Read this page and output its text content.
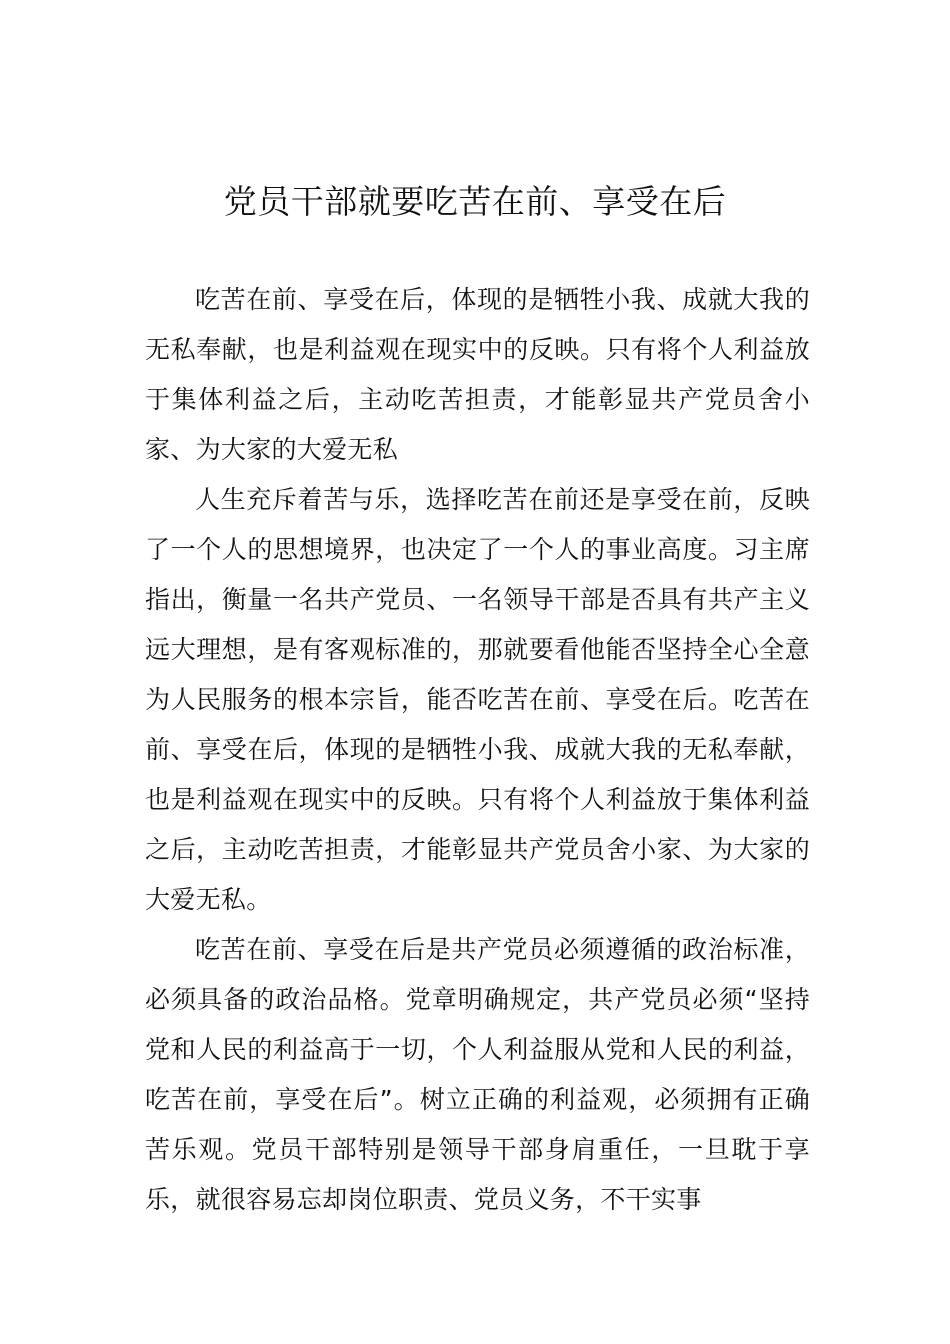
党员干部就要吃苦在前、享受在后

吃苦在前、享受在后，体现的是牺牲小我、成就大我的无私奉献，也是利益观在现实中的反映。只有将个人利益放于集体利益之后，主动吃苦担责，才能彰显共产党员舍小家、为大家的大爱无私

人生充斥着苦与乐，选择吃苦在前还是享受在前，反映了一个人的思想境界，也决定了一个人的事业高度。习主席指出，衡量一名共产党员、一名领导干部是否具有共产主义远大理想，是有客观标准的，那就要看他能否坚持全心全意为人民服务的根本宗旨，能否吃苦在前、享受在后。吃苦在前、享受在后，体现的是牺牲小我、成就大我的无私奉献，也是利益观在现实中的反映。只有将个人利益放于集体利益之后，主动吃苦担责，才能彰显共产党员舍小家、为大家的大爱无私。

吃苦在前、享受在后是共产党员必须遵循的政治标准，必须具备的政治品格。党章明确规定，共产党员必须“坚持党和人民的利益高于一切，个人利益服从党和人民的利益，吃苦在前，享受在后”。树立正确的利益观，必须拥有正确苦乐观。党员干部特别是领导干部身肩重任，一旦耽于享乐，就很容易忘却岗位职责、党员义务，不干实事
